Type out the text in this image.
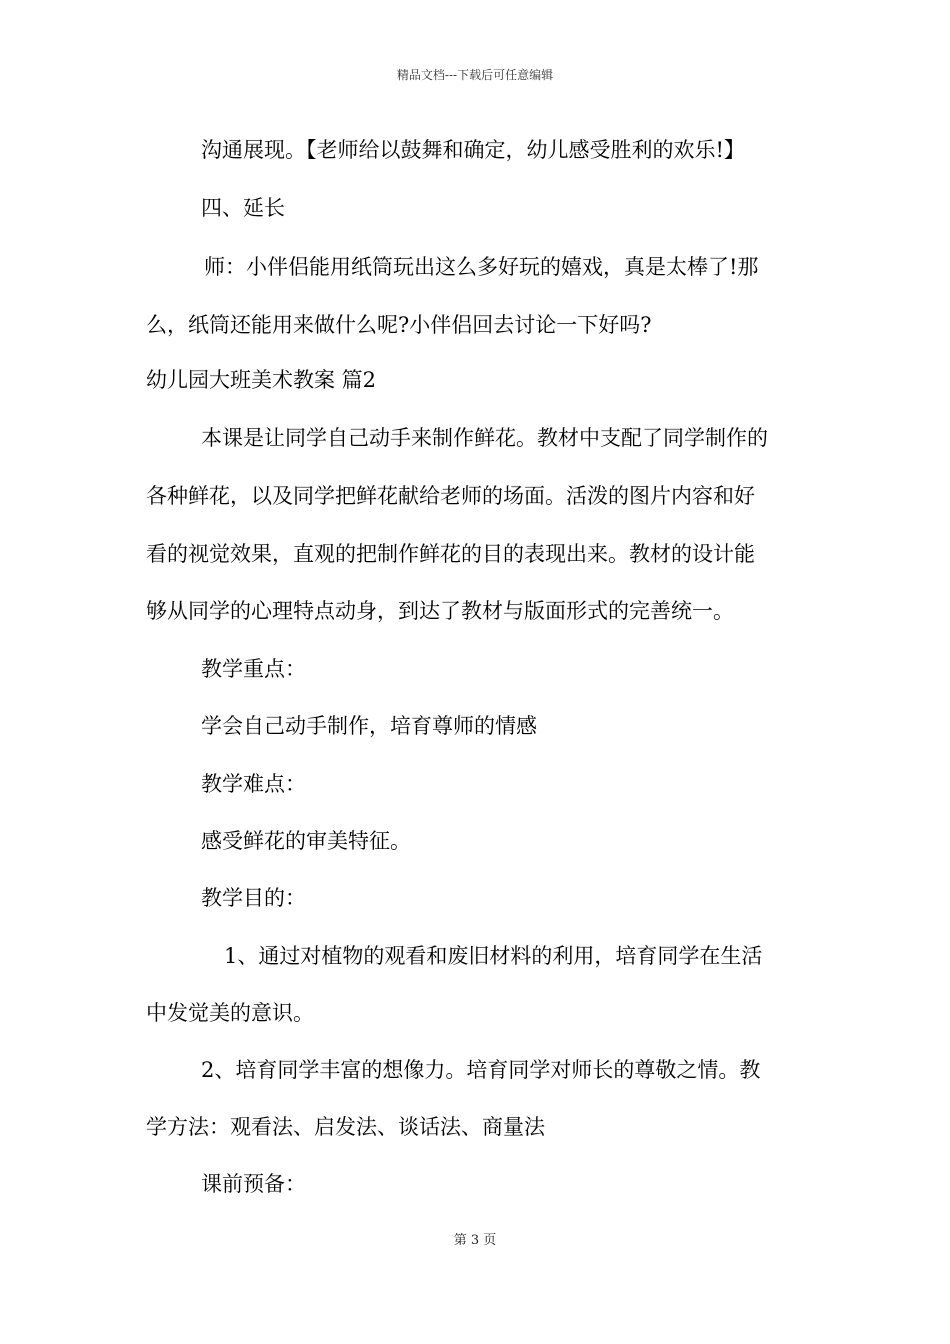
精品文档---下载后可任意编辑
沟通展现。【老师给以鼓舞和确定，幼儿感受胜利的欢乐!】
四、延长
师：小伴侣能用纸筒玩出这么多好玩的嬉戏，真是太棒了!那
么，纸筒还能用来做什么呢?小伴侣回去讨论一下好吗?
幼儿园大班美术教案 篇2
本课是让同学自己动手来制作鲜花。教材中支配了同学制作的
各种鲜花，以及同学把鲜花献给老师的场面。活泼的图片内容和好
看的视觉效果，直观的把制作鲜花的目的表现出来。教材的设计能
够从同学的心理特点动身，到达了教材与版面形式的完善统一。
教学重点：
学会自己动手制作，培育尊师的情感
教学难点：
感受鲜花的审美特征。
教学目的：
1、通过对植物的观看和废旧材料的利用，培育同学在生活
中发觉美的意识。
2、培育同学丰富的想像力。培育同学对师长的尊敬之情。教
学方法：观看法、启发法、谈话法、商量法
课前预备：
第 3 页
